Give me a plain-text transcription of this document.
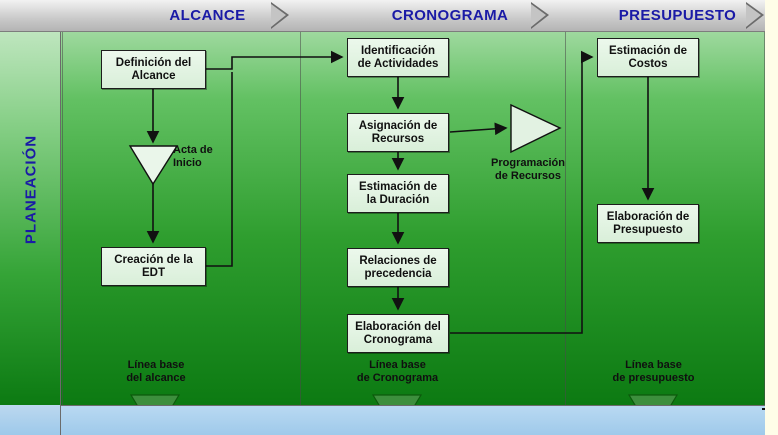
PLANEACIÓN
ALCANCE	CRONOGRAMA	PRESUPUESTO
Definición del
Alcance
Creación de la
EDT
Identificación
de Actividades
Asignación de
Recursos
Estimación de
la Duración
Relaciones de
precedencia
Elaboración del
Cronograma
Estimación de
Costos
Elaboración de
Presupuesto
Acta de
Inicio	Programación
de Recursos
Línea base
del alcance
Línea base
de Cronograma
Línea base
de presupuesto
